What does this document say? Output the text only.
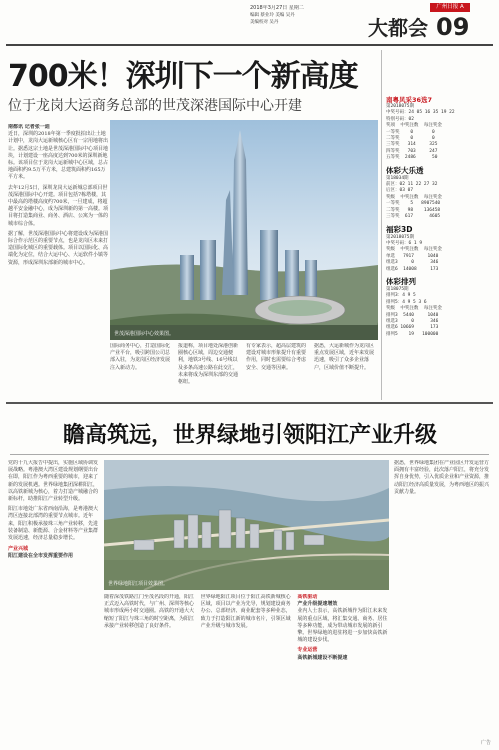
2018年3月27日 星期二
编辑 蔡业玲 美编 吴丹
美编校对 吴丹
广州日报 A
大都会 09
700米！深圳下一个新高度
位于龙岗大运商务总部的世茂深港国际中心开建
南都讯 记者张一迪
近日，深圳的2018年第一季度批拍出让土地计划中，龙岗大运新城核心区有一宗用地将出让。据悉这宗土地是世茂深港国际中心项目地块，计划建设一座高度达到700米的深圳新地标。该项目位于龙岗大运新城中心区域，总占地面积约9.5万平方米，总建筑面积约165万平方米。
去年12月5日，深圳龙岗大运新城总部项目世茂深港国际中心开建。项目包括7栋塔楼，其中最高的塔楼高度约700米，一旦建成，将超越平安金融中心，成为深圳新的第一高楼。项目将打造集商业、商务、酒店、公寓为一体的城市综合体。
据了解，世茂深港国际中心将建设成为深港国际合作示范区的重要节点，也是龙岗区未来打造国际化城区的重要载体。项目以国际化、高端化为定位，结合大运中心、大运软件小镇等资源，形成深圳东部新的城市中心。
世茂深港国际中心效果图。
国际商务中心，打造国际化产业平台，吸引跨国公司总部入驻，为龙岗区经济发展注入新动力。
报道称，项目地处深港创新圈核心区域，周边交通便利，地铁3号线、16号线以及多条高速公路在此交汇，未来将成为深圳东部的交通枢纽。
有专家表示，超高层建筑的建设对城市形象提升有重要作用，同时也需要综合考虑安全、交通等因素。
据悉，大运新城作为龙岗区重点发展区域，近年来发展迅速，吸引了众多企业落户，区域价值不断提升。
南粤风采36选7
第2018075期
中奖号码：24 05 16 35 19 22
特别号码：02
奖项  中奖注数  每注奖金
一等奖    0       0
二等奖    0       0
三等奖   314     325
四等奖   703     247
五等奖  2486      50
体彩大乐透
第18034期
前区：02 11 22 27 32
后区：03 07
奖级  中奖注数  每注奖金
一等奖    5   8907540
二等奖   98    136458
三等奖  617      4605
福彩3D
第2018075期
中奖号码：6 1 9
奖级  中奖注数  每注奖金
单选   7917     1040
组选3     0      346
组选6  14008     173
体彩排列
第18075期
排列3：4 9 5
排列5：4 9 5 3 6
奖级  中奖注数  每注奖金
排列3  5440     1040
组选3     0      346
组选6 10669      173
排列5    19   100000
瞻高筑远，世界绿地引领阳江产业升级
党的十九大报告中提出，实施区域协调发展战略。粤港澳大湾区建设规划纲要出台在即，阳江作为粤西重要的城市，迎来了新的发展机遇。世界绿地集团深耕阳江，以高铁新城为核心，着力打造产城融合的新标杆，助推阳江产业转型升级。
阳江市地处广东省西南沿海，是粤港澳大湾区连接北部湾的重要节点城市。近年来，阳江积极承接珠三角产业转移，先进装备制造、新能源、合金材料等产业集群发展迅速，经济总量稳步增长。
产业兴城
阳江建设在全市发挥重要作用
世界绿地阳江项目效果图。
随着深茂铁路江门至茂名段的开通，阳江正式迈入高铁时代，与广州、深圳等核心城市形成两小时交通圈。高铁的开通大大缩短了阳江与珠三角的时空距离，为阳江承接产业转移创造了良好条件。
世界绿地阳江项目位于阳江高铁新城核心区域，项目以产业为先导，规划建设商务办公、总部经济、商业配套等多种业态，致力于打造阳江新的城市名片，引领区域产业升级与城市发展。
高铁驱动
产业升级提速增效
业内人士表示，高铁新城作为阳江未来发展的重点区域，将汇集交通、商务、居住等多种功能，成为带动城市发展的新引擎。世界绿地的进驻将进一步加快高铁新城的建设步伐。
专业运营
高铁新城建设不断提速
据悉，世界绿地集团在产业园区开发运营方面拥有丰富经验，此次落户阳江，将充分发挥自身优势，引入优质企业和产业资源，推动阳江经济高质量发展，为粤西地区的振兴贡献力量。
广告
